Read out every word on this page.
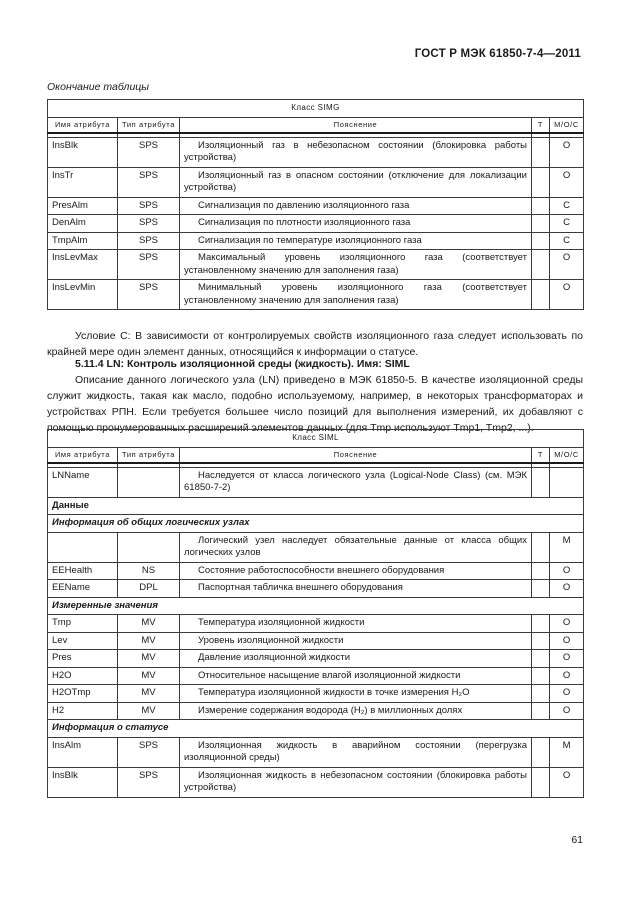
ГОСТ Р МЭК 61850-7-4—2011
Окончание таблицы
Класс SIMG				
Имя атрибута	Тип атрибута	Пояснение	Т	М/О/С

InsBlk	SPS	Изоляционный газ в небезопасном состоянии (блокировка работы устройства)		O
InsTr	SPS	Изоляционный газ в опасном состоянии (отключение для локализации устройства)		O
PresAlm	SPS	Сигнализация по давлению изоляционного газа		C
DenAlm	SPS	Сигнализация по плотности изоляционного газа		C
TmpAlm	SPS	Сигнализация по температуре изоляционного газа		C
InsLevMax	SPS	Максимальный уровень изоляционного газа (соответствует установленному значению для заполнения газа)		O
InsLevMin	SPS	Минимальный уровень изоляционного газа (соответствует установленному значению для заполнения газа)		O
Условие С: В зависимости от контролируемых свойств изоляционного газа следует использовать по крайней мере один элемент данных, относящийся к информации о статусе.
5.11.4 LN: Контроль изоляционной среды (жидкость). Имя: SIML
Описание данного логического узла (LN) приведено в МЭК 61850-5. В качестве изоляционной среды служит жидкость, такая как масло, подобно используемому, например, в некоторых трансформаторах и устройствах РПН. Если требуется большее число позиций для выполнения измерений, их добавляют с помощью пронумерованных расширений элементов данных (для Tmp используют Tmp1, Tmp2, ...).
Класс SIML				
Имя атрибута	Тип атрибута	Пояснение	Т	М/О/С

LNName		Наследуется от класса логического узла (Logical-Node Class) (см. МЭК 61850-7-2)		
Данные				
Информация об общих логических узлах				
		Логический узел наследует обязательные данные от класса общих логических узлов		M
EEHealth	NS	Состояние работоспособности внешнего оборудования		O
EEName	DPL	Паспортная табличка внешнего оборудования		O
Измеренные значения				
Tmp	MV	Температура изоляционной жидкости		O
Lev	MV	Уровень изоляционной жидкости		O
Pres	MV	Давление изоляционной жидкости		O
H2O	MV	Относительное насыщение влагой изоляционной жидкости		O
H2OTmp	MV	Температура изоляционной жидкости в точке измерения H₂O		O
H2	MV	Измерение содержания водорода (H₂) в миллионных долях		O
Информация о статусе				
InsAlm	SPS	Изоляционная жидкость в аварийном состоянии (перегрузка изоляционной среды)		M
InsBlk	SPS	Изоляционная жидкость в небезопасном состоянии (блокировка работы устройства)		O
61
